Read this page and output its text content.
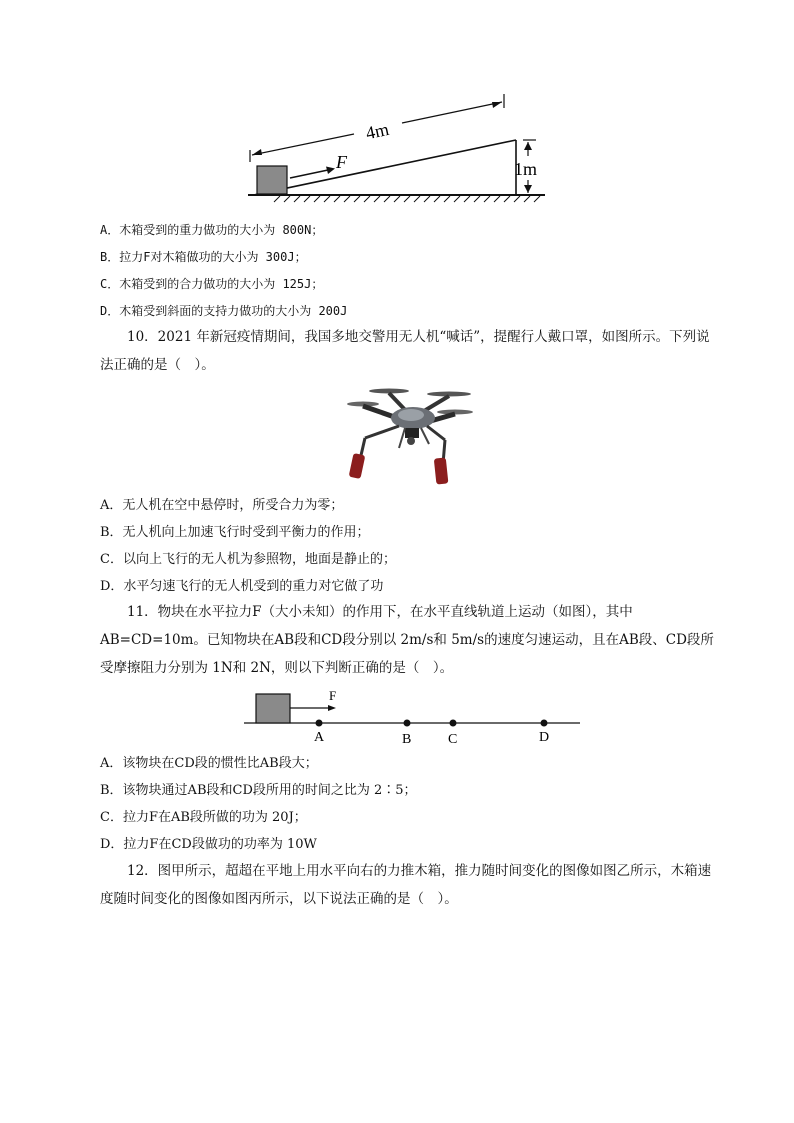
F
4m
1m
A．木箱受到的重力做功的大小为 800N；
B．拉力F对木箱做功的大小为 300J；
C．木箱受到的合力做功的大小为 125J；
D．木箱受到斜面的支持力做功的大小为 200J
10．2021 年新冠疫情期间，我国多地交警用无人机“喊话”，提醒行人戴口罩，如图所示。下列说法正确的是（　）。
A．无人机在空中悬停时，所受合力为零；
B．无人机向上加速飞行时受到平衡力的作用；
C．以向上飞行的无人机为参照物，地面是静止的；
D．水平匀速飞行的无人机受到的重力对它做了功
11．物块在水平拉力F（大小未知）的作用下，在水平直线轨道上运动（如图），其中AB=CD=10m。已知物块在AB段和CD段分别以 2m/s和 5m/s的速度匀速运动，且在AB段、CD段所受摩擦阻力分别为 1N和 2N，则以下判断正确的是（　）。
F
A	B	C	D
A．该物块在CD段的惯性比AB段大；
B．该物块通过AB段和CD段所用的时间之比为 2∶5；
C．拉力F在AB段所做的功为 20J；
D．拉力F在CD段做功的功率为 10W
12．图甲所示，超超在平地上用水平向右的力推木箱，推力随时间变化的图像如图乙所示，木箱速度随时间变化的图像如图丙所示，以下说法正确的是（　）。
